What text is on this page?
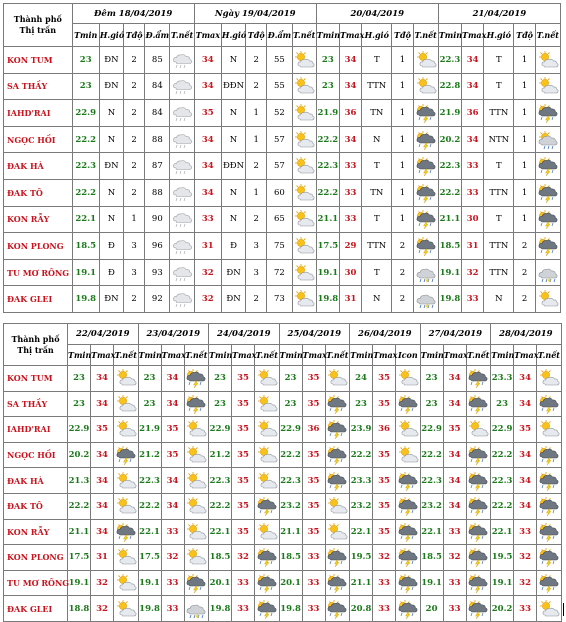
Thành phố
Thị trấn	Đêm 18/04/2019					Ngày 19/04/2019					20/04/2019					21/04/2019				
	Tmin	H.gió	Tđộ	Đ.ẩm	T.nết	Tmax	H.gió	Tđộ	Đ.ẩm	T.nết	Tmin	Tmax	H.gió	Tđộ	T.nết	Tmin	Tmax	H.gió	Tđộ	T.nết
KON TUM	23	ĐN	2	85		34	N	2	55		23	34	T	1		22.3	34	T	1	

SA THẦY	23	ĐN	2	84		34	ĐĐN	2	55		23	34	TTN	1		22.8	34	T	1	

IAHD'RAI	22.9	N	2	84		35	N	1	52		21.9	36	TN	1		21.9	36	TTN	1	

NGỌC HỒI	22.2	N	2	88		34	N	1	57		22.2	34	N	1		20.2	34	NTN	1	

ĐAK HÀ	22.3	ĐN	2	87		34	ĐĐN	2	57		22.3	33	T	1		22.3	33	T	1	

ĐAK TÔ	22.2	N	2	88		34	N	1	60		22.2	33	TN	1		22.2	33	TTN	1	

KON RẪY	22.1	N	1	90		33	N	2	65		21.1	33	T	1		21.1	30	T	1	

KON PLONG	18.5	Đ	3	96		31	Đ	3	75		17.5	29	TTN	2		18.5	31	TTN	2	

TU MƠ RÔNG	19.1	Đ	3	93		32	ĐN	3	72		19.1	30	T	2		19.1	32	TTN	2	

ĐAK GLEI	19.8	ĐN	2	92		32	ĐN	2	73		19.8	31	N	2		19.8	33	N	2	
Thành phố
Thị trấn	22/04/2019			23/04/2019			24/04/2019			25/04/2019			26/04/2019			27/04/2019			28/04/2019		
	Tmin	Tmax	T.nết	Tmin	Tmax	T.nết	Tmin	Tmax	T.nết	Tmin	Tmax	T.nết	Tmin	Tmax	Icon	Tmin	Tmax	T.nết	Tmin	Tmax	T.nết
KON TUM	23	34		23	34		23	35		23	35		24	35		23	34		23.3	34	

SA THẦY	23	34		23	34		23	35		23	35		23	35		23	34		23	34	

IAHD'RAI	22.9	35		21.9	35		22.9	35		22.9	36		23.9	36		22.9	35		22.9	35	

NGỌC HỒI	20.2	34		21.2	35		21.2	35		22.2	35		22.2	35		22.2	34		22.2	34	

ĐAK HÀ	21.3	34		22.3	34		22.3	35		22.3	35		23.3	35		22.3	34		22.3	34	

ĐAK TÔ	22.2	34		22.2	34		22.2	35		23.2	35		23.2	35		23.2	34		22.2	34	

KON RẪY	21.1	34		22.1	33		22.1	35		21.1	35		22.1	35		22.1	33		22.1	33	

KON PLONG	17.5	31		17.5	32		18.5	32		18.5	33		19.5	32		18.5	32		19.5	32	

TU MƠ RÔNG	19.1	32		19.1	33		20.1	33		20.1	33		21.1	33		19.1	33		19.1	32	

ĐAK GLEI	18.8	32		19.8	33		19.8	33		19.8	33		20.8	33		20	33		20.2	33	
